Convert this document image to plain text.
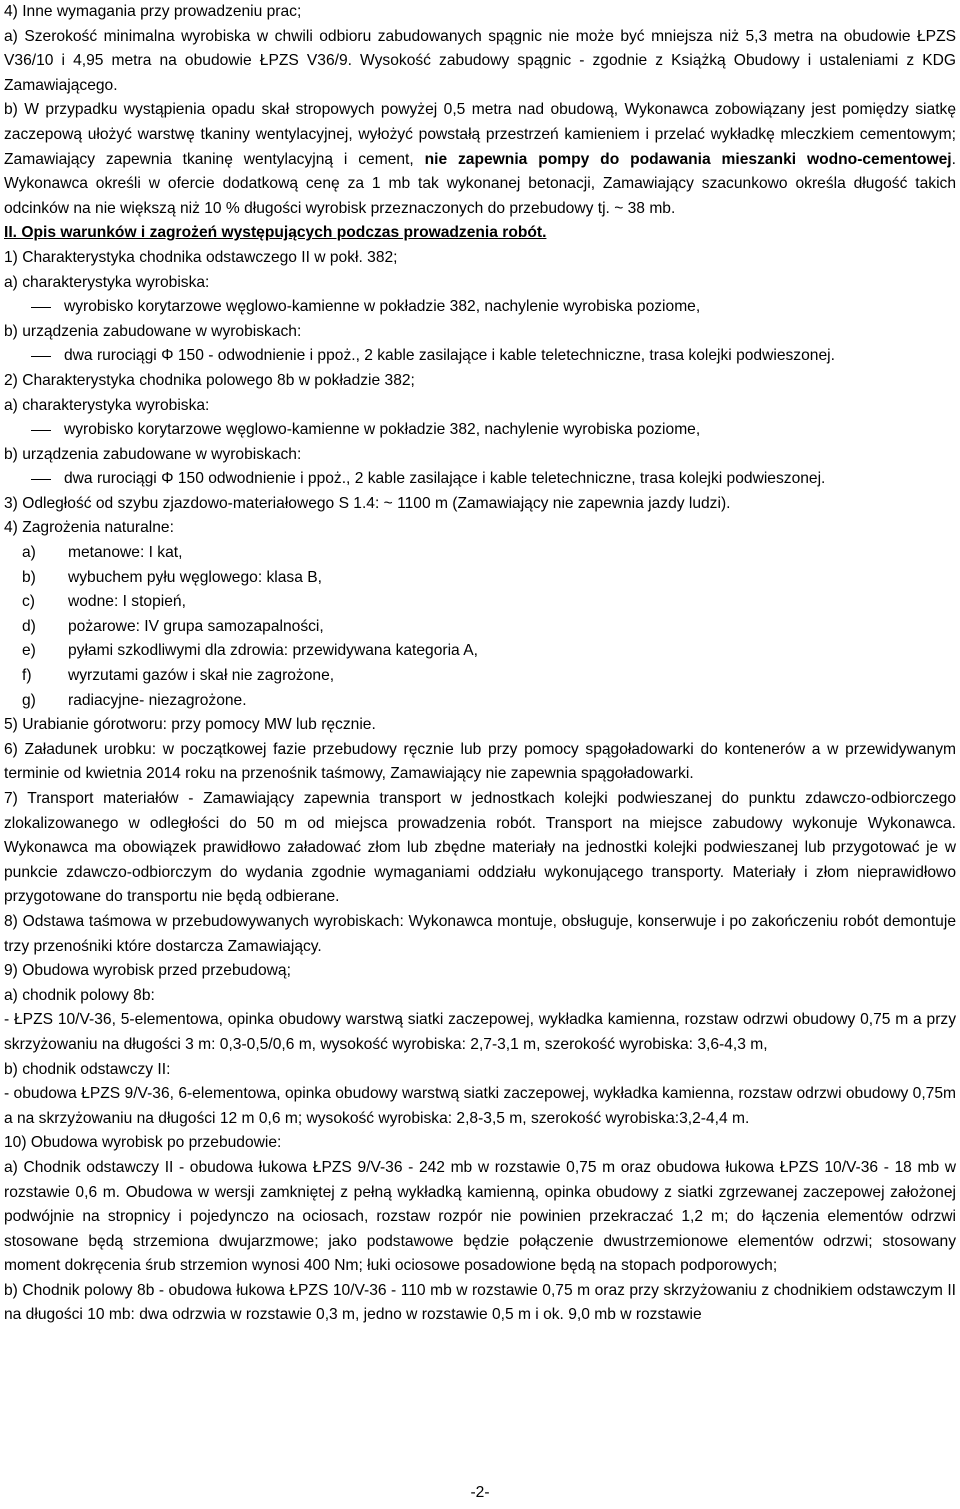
4) Inne wymagania przy prowadzeniu prac;

a) Szerokość minimalna wyrobiska w chwili odbioru zabudowanych spągnic nie może być mniejsza niż 5,3 metra na obudowie ŁPZS V36/10 i 4,95 metra na obudowie ŁPZS V36/9. Wysokość zabudowy spągnic - zgodnie z Książką Obudowy i ustaleniami z KDG Zamawiającego.

b) W przypadku wystąpienia opadu skał stropowych powyżej 0,5 metra nad obudową, Wykonawca zobowiązany jest pomiędzy siatkę zaczepową ułożyć warstwę tkaniny wentylacyjnej, wyłożyć powstałą przestrzeń kamieniem i przelać wykładkę mleczkiem cementowym; Zamawiający zapewnia tkaninę wentylacyjną i cement, nie zapewnia pompy do podawania mieszanki wodno-cementowej. Wykonawca określi w ofercie dodatkową cenę za 1 mb tak wykonanej betonacji, Zamawiający szacunkowo określa długość takich odcinków na nie większą niż 10 % długości wyrobisk przeznaczonych do przebudowy tj. ~ 38 mb.

II. Opis warunków i zagrożeń występujących podczas prowadzenia robót.

1) Charakterystyka chodnika odstawczego II w pokł. 382;

a) charakterystyka wyrobiska:

wyrobisko korytarzowe węglowo-kamienne w pokładzie 382, nachylenie wyrobiska poziome,

b) urządzenia zabudowane w wyrobiskach:

dwa rurociągi Φ 150 - odwodnienie i ppoż., 2 kable zasilające i kable teletechniczne, trasa kolejki podwieszonej.

2) Charakterystyka chodnika polowego 8b w pokładzie 382;

a) charakterystyka wyrobiska:

wyrobisko korytarzowe węglowo-kamienne w pokładzie 382, nachylenie wyrobiska poziome,

b) urządzenia zabudowane w wyrobiskach:

dwa rurociągi Φ 150 odwodnienie i ppoż., 2 kable zasilające i kable teletechniczne, trasa kolejki podwieszonej.

3) Odległość od szybu zjazdowo-materiałowego S 1.4: ~ 1100 m (Zamawiający nie zapewnia jazdy ludzi).

4) Zagrożenia naturalne:

a) metanowe: I kat,

b) wybuchem pyłu węglowego: klasa B,

c) wodne: I stopień,

d) pożarowe: IV grupa samozapalności,

e) pyłami szkodliwymi dla zdrowia: przewidywana kategoria A,

f) wyrzutami gazów i skał nie zagrożone,

g) radiacyjne- niezagrożone.

5) Urabianie górotworu: przy pomocy MW lub ręcznie.

6) Załadunek urobku: w początkowej fazie przebudowy ręcznie lub przy pomocy spągoładowarki do kontenerów a w przewidywanym terminie od kwietnia 2014 roku na przenośnik taśmowy, Zamawiający nie zapewnia spągoładowarki.

7) Transport materiałów - Zamawiający zapewnia transport w jednostkach kolejki podwieszanej do punktu zdawczo-odbiorczego zlokalizowanego w odległości do 50 m od miejsca prowadzenia robót. Transport na miejsce zabudowy wykonuje Wykonawca. Wykonawca ma obowiązek prawidłowo załadować złom lub zbędne materiały na jednostki kolejki podwieszanej lub przygotować je w punkcie zdawczo-odbiorczym do wydania zgodnie wymaganiami oddziału wykonującego transporty. Materiały i złom nieprawidłowo przygotowane do transportu nie będą odbierane.

8) Odstawa taśmowa w przebudowywanych wyrobiskach: Wykonawca montuje, obsługuje, konserwuje i po zakończeniu robót demontuje trzy przenośniki które dostarcza Zamawiający.

9) Obudowa wyrobisk przed przebudową;

a) chodnik polowy 8b:

- ŁPZS 10/V-36, 5-elementowa, opinka obudowy warstwą siatki zaczepowej, wykładka kamienna, rozstaw odrzwi obudowy 0,75 m a przy skrzyżowaniu na długości 3 m: 0,3-0,5/0,6 m, wysokość wyrobiska: 2,7-3,1 m, szerokość wyrobiska: 3,6-4,3 m,

b) chodnik odstawczy II:

- obudowa ŁPZS 9/V-36, 6-elementowa, opinka obudowy warstwą siatki zaczepowej, wykładka kamienna, rozstaw odrzwi obudowy 0,75m a na skrzyżowaniu na długości 12 m 0,6 m; wysokość wyrobiska: 2,8-3,5 m, szerokość wyrobiska:3,2-4,4 m.

10) Obudowa wyrobisk po przebudowie:

a) Chodnik odstawczy II - obudowa łukowa ŁPZS 9/V-36 - 242 mb w rozstawie 0,75 m oraz obudowa łukowa ŁPZS 10/V-36 - 18 mb w rozstawie 0,6 m. Obudowa w wersji zamkniętej z pełną wykładką kamienną, opinka obudowy z siatki zgrzewanej zaczepowej założonej podwójnie na stropnicy i pojedynczo na ociosach, rozstaw rozpór nie powinien przekraczać 1,2 m; do łączenia elementów odrzwi stosowane będą strzemiona dwujarzmowe; jako podstawowe będzie połączenie dwustrzemionowe elementów odrzwi; stosowany moment dokręcenia śrub strzemion wynosi 400 Nm; łuki ociosowe posadowione będą na stopach podporowych;

b) Chodnik polowy 8b - obudowa łukowa ŁPZS 10/V-36 - 110 mb w rozstawie 0,75 m oraz przy skrzyżowaniu z chodnikiem odstawczym II na długości 10 mb: dwa odrzwia w rozstawie 0,3 m, jedno w rozstawie 0,5 m i ok. 9,0 mb w rozstawie

-2-
